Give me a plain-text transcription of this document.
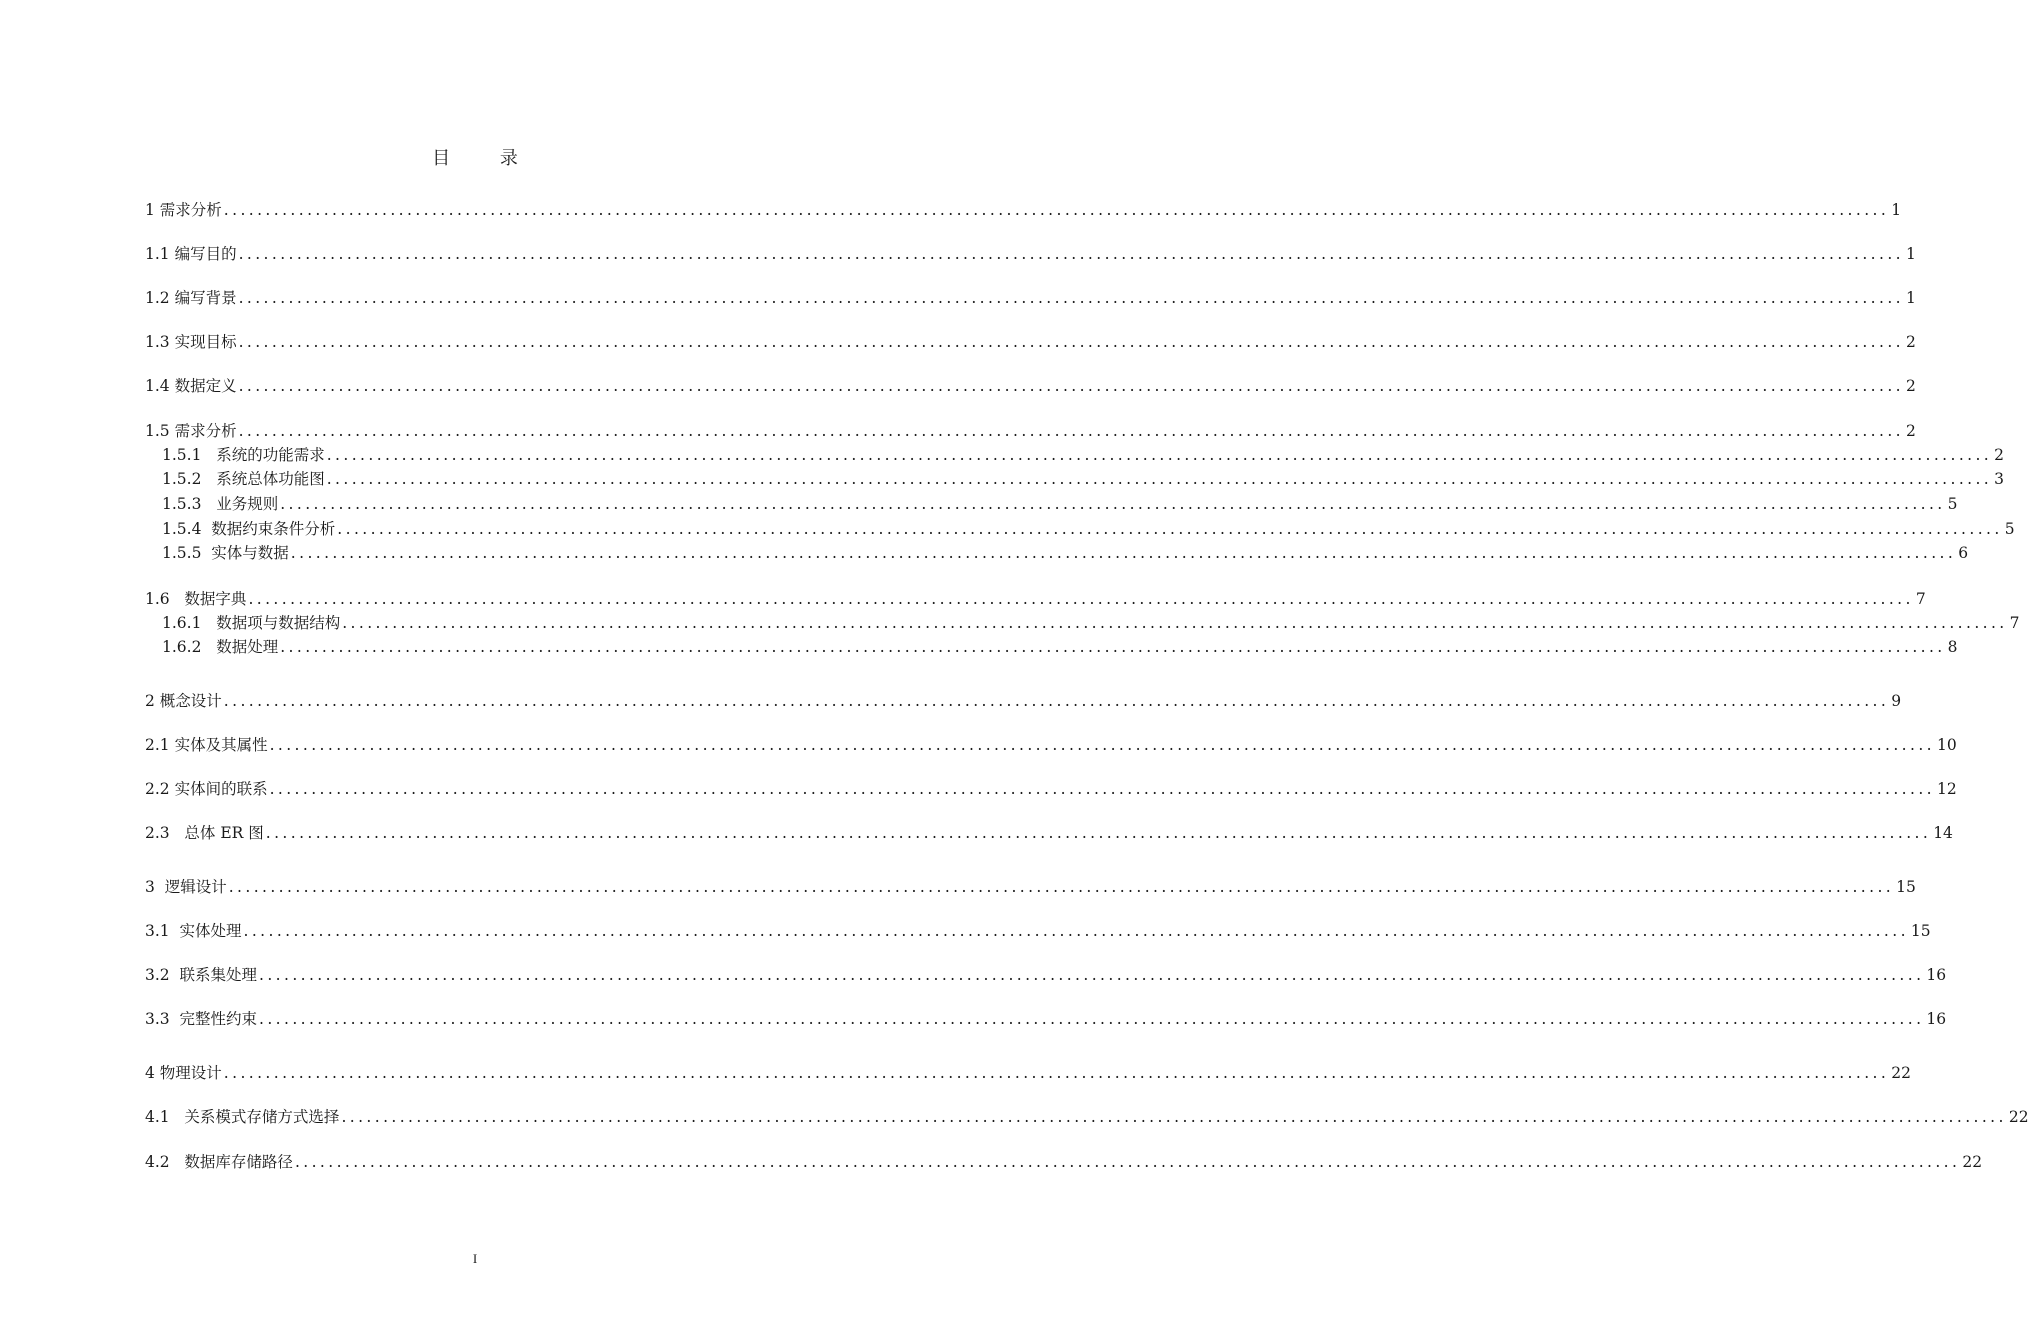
目 录
1 需求分析 ........................................................................................................................................................................................................ 1
1.1 编写目的 ........................................................................................................................................................................................................ 1
1.2 编写背景 ........................................................................................................................................................................................................ 1
1.3 实现目标 ........................................................................................................................................................................................................ 2
1.4 数据定义 ........................................................................................................................................................................................................ 2
1.5 需求分析 ........................................................................................................................................................................................................ 2
1.5.1   系统的功能需求 ........................................................................................................................................................................................................ 2
1.5.2   系统总体功能图 ........................................................................................................................................................................................................ 3
1.5.3   业务规则 ........................................................................................................................................................................................................ 5
1.5.4  数据约束条件分析 ........................................................................................................................................................................................................ 5
1.5.5  实体与数据 ........................................................................................................................................................................................................ 6
1.6   数据字典 ........................................................................................................................................................................................................ 7
1.6.1   数据项与数据结构 ........................................................................................................................................................................................................ 7
1.6.2   数据处理 ........................................................................................................................................................................................................ 8
2 概念设计 ........................................................................................................................................................................................................ 9
2.1 实体及其属性 ........................................................................................................................................................................................................ 10
2.2 实体间的联系 ........................................................................................................................................................................................................ 12
2.3   总体 ER 图 ........................................................................................................................................................................................................ 14
3  逻辑设计 ........................................................................................................................................................................................................ 15
3.1  实体处理 ........................................................................................................................................................................................................ 15
3.2  联系集处理 ........................................................................................................................................................................................................ 16
3.3  完整性约束 ........................................................................................................................................................................................................ 16
4 物理设计 ........................................................................................................................................................................................................ 22
4.1   关系模式存储方式选择 ........................................................................................................................................................................................................ 22
4.2   数据库存储路径 ........................................................................................................................................................................................................ 22
I
